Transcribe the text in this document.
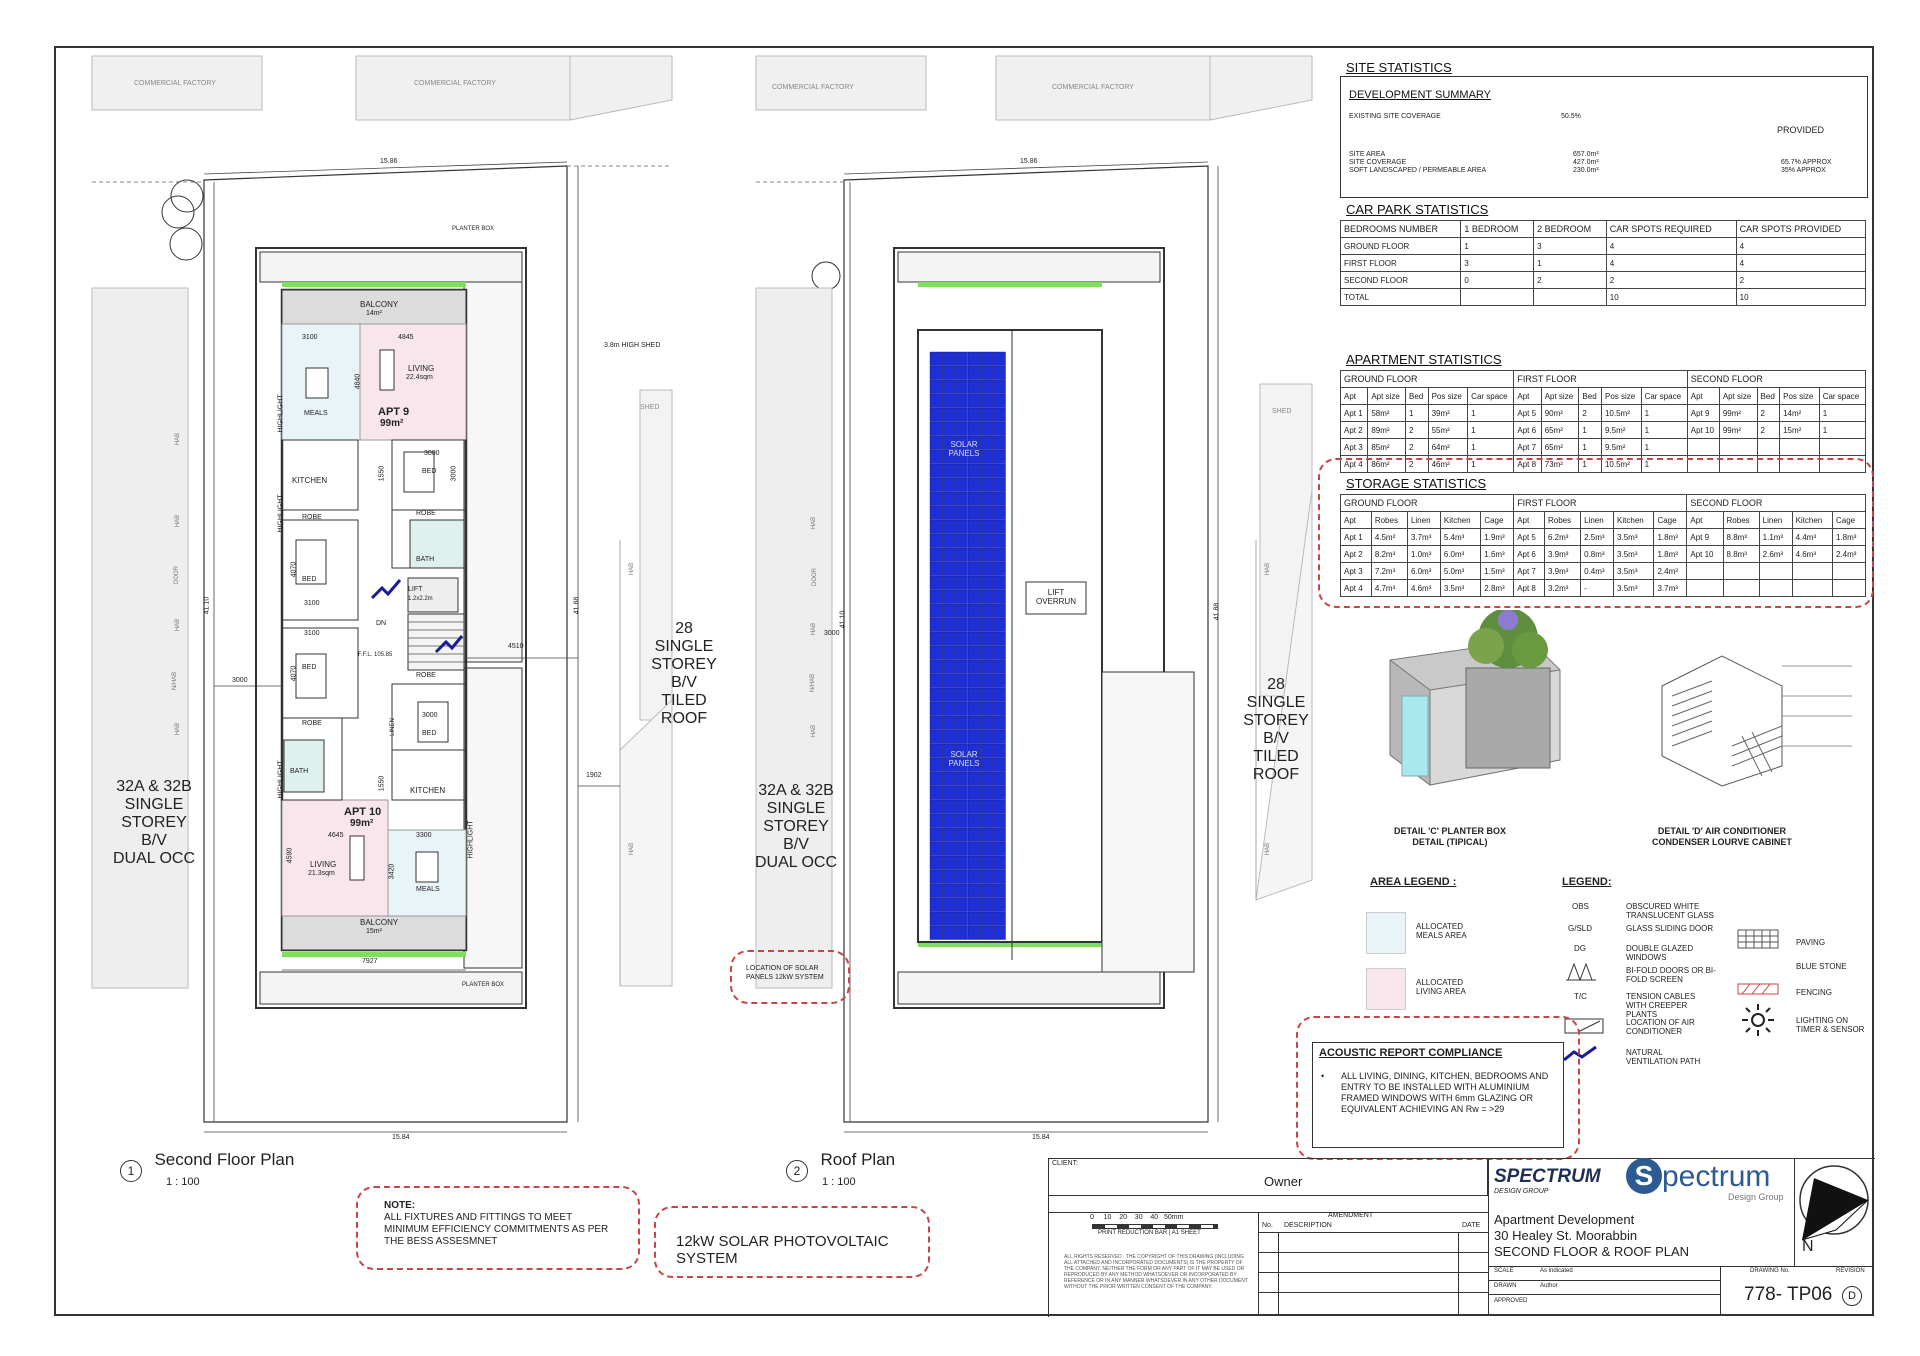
COMMERCIAL FACTORY	COMMERCIAL FACTORY
COMMERCIAL FACTORY	COMMERCIAL FACTORY
15.86	15.86
15.84	15.84
41.10
41.10
41.88	41.88
3000
4510
1902
7927
3000
PLANTER BOX
PLANTER BOX
3.8m HIGH SHED
SHED
SHED
HAB
HAB
DOOR
HAB
N/HAB
HAB
HAB
HAB
HAB
DOOR
HAB
N/HAB
HAB
HAB
HAB
28
SINGLE
STOREY
B/V
TILED
ROOF
28
SINGLE
STOREY
B/V
TILED
ROOF
32A & 32B
SINGLE
STOREY
B/V
DUAL OCC
32A & 32B
SINGLE
STOREY
B/V
DUAL OCC
BALCONY
14m²
BALCONY
15m²
LIVING
22.4sqm
APT 9
99m²
MEALS
KITCHEN
BED
ROBE
ROBE
BED
BATH
LIFT
1.2x2.2m
DN
F.F.L. 105.85
BED
ROBE
ROBE
BED
BATH
LINEN
KITCHEN
APT 10
99m²
LIVING
21.3sqm
MEALS
HIGHLIGHT
HIGHLIGHT
HIGHLIGHT
HIGHLIGHT
3100	4845
4840
3000
1550	3000
4070
3100
3100
4070
3000
1550
4645	3300
4590
3420
SOLAR PANELS
SOLAR PANELS
LIFT OVERRUN
1 Second Floor Plan
1 : 100
2 Roof Plan
1 : 100
NOTE:
ALL FIXTURES AND FITTINGS TO MEET MINIMUM EFFICIENCY COMMITMENTS AS PER THE BESS ASSESMNET	12kW SOLAR PHOTOVOLTAIC SYSTEM
LOCATION OF SOLAR PANELS 12kW SYSTEM
SITE STATISTICS
DEVELOPMENT SUMMARY
EXISTING SITE COVERAGE	50.5%
PROVIDED
SITE AREA	657.0m²
SITE COVERAGE	427.0m²	65.7% APPROX
SOFT LANDSCAPED / PERMEABLE AREA	230.0m²	35% APPROX
CAR PARK STATISTICS
BEDROOMS NUMBER	1 BEDROOM	2 BEDROOM	CAR SPOTS REQUIRED	CAR SPOTS PROVIDED
GROUND FLOOR	1	3	4	4
FIRST FLOOR	3	1	4	4
SECOND FLOOR	0	2	2	2
TOTAL			10	10
APARTMENT STATISTICS
GROUND FLOOR					FIRST FLOOR					SECOND FLOOR				
Apt	Apt size	Bed	Pos size	Car space	Apt	Apt size	Bed	Pos size	Car space	Apt	Apt size	Bed	Pos size	Car space
Apt 1	58m²	1	39m²	1	Apt 5	90m²	2	10.5m²	1	Apt 9	99m²	2	14m²	1
Apt 2	89m²	2	55m²	1	Apt 6	65m²	1	9.5m²	1	Apt 10	99m²	2	15m²	1
Apt 3	85m²	2	64m²	1	Apt 7	65m²	1	9.5m²	1					
Apt 4	86m²	2	46m²	1	Apt 8	73m²	1	10.5m²	1					
STORAGE STATISTICS
GROUND FLOOR					FIRST FLOOR					SECOND FLOOR				
Apt	Robes	Linen	Kitchen	Cage	Apt	Robes	Linen	Kitchen	Cage	Apt	Robes	Linen	Kitchen	Cage
Apt 1	4.5m²	3.7m³	5.4m³	1.9m³	Apt 5	6.2m³	2.5m³	3.5m³	1.8m³	Apt 9	8.8m³	1.1m³	4.4m³	1.8m³
Apt 2	8.2m³	1.0m³	6.0m³	1.6m³	Apt 6	3.9m³	0.8m³	3.5m³	1.8m³	Apt 10	8.8m³	2.6m³	4.6m³	2.4m³
Apt 3	7.2m³	6.0m³	5.0m³	1.5m³	Apt 7	3.9m³	0.4m³	3.5m³	2.4m³					
Apt 4	4.7m³	4.6m³	3.5m³	2.8m³	Apt 8	3.2m³	-	3.5m³	3.7m³					
DETAIL 'C' PLANTER BOX
DETAIL (TIPICAL)
DETAIL 'D' AIR CONDITIONER
CONDENSER LOURVE CABINET
AREA LEGEND :
ALLOCATED MEALS AREA
ALLOCATED LIVING AREA
LEGEND:
OBS	OBSCURED WHITE TRANSLUCENT GLASS
G/SLD	GLASS SLIDING DOOR
DG	DOUBLE GLAZED WINDOWS
BI-FOLD DOORS OR BI-FOLD SCREEN
T/C	TENSION CABLES WITH CREEPER PLANTS
LOCATION OF AIR CONDITIONER
NATURAL VENTILATION PATH
PAVING
BLUE STONE
FENCING
LIGHTING ON TIMER & SENSOR
ACOUSTIC REPORT COMPLIANCE
• ALL LIVING, DINING, KITCHEN, BEDROOMS AND ENTRY TO BE INSTALLED WITH ALUMINIUM FRAMED WINDOWS WITH 6mm GLAZING OR EQUIVALENT ACHIEVING AN Rw = >29
CLIENT:
Owner
0 10 20 30 40 50mm
PRINT REDUCTION BAR | A1 SHEET
ALL RIGHTS RESERVED . THE COPYRIGHT OF THIS DRAWING (INCLUDING ALL ATTACHED AND INCORPORATED DOCUMENTS) IS THE PROPERTY OF THE COMPANY. NEITHER THE FORM OR ANY PART OF IT MAY BE USED OR REPRODUCED BY ANY METHOD WHATSOEVER OR INCORPORATED BY REFERENCE OR IN ANY MANNER WHATSOEVER IN ANY OTHER DOCUMENT WITHOUT THE PRIOR WRITTEN CONSENT OF THE COMPANY.
AMENDMENT
No. DESCRIPTION	DATE
SPECTRUM
DESIGN GROUP
S pectrum
Design Group
N
Apartment Development
30 Healey St. Moorabbin
SECOND FLOOR & ROOF PLAN
SCALE	As indicated
DRAWN	Author
APPROVED
DRAWING No.	REVISION
778- TP06	D
